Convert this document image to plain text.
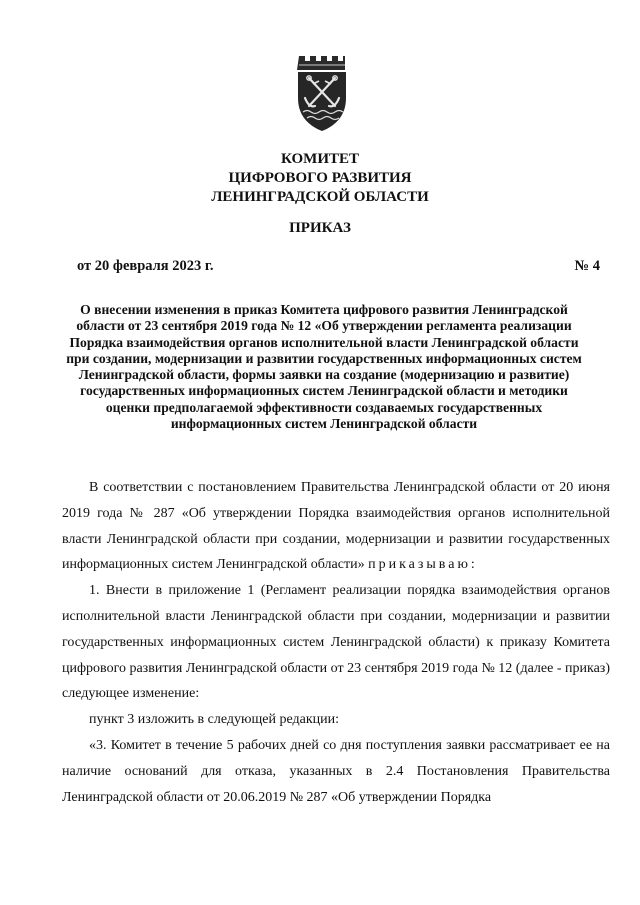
КОМИТЕТ
ЦИФРОВОГО РАЗВИТИЯ
ЛЕНИНГРАДСКОЙ ОБЛАСТИ
ПРИКАЗ
от 20 февраля 2023 г.	№ 4
О внесении изменения в приказ Комитета цифрового развития Ленинградской области от 23 сентября 2019 года № 12 «Об утверждении регламента реализации Порядка взаимодействия органов исполнительной власти Ленинградской области при создании, модернизации и развитии государственных информационных систем Ленинградской области, формы заявки на создание (модернизацию и развитие) государственных информационных систем Ленинградской области и методики оценки предполагаемой эффективности создаваемых государственных информационных систем Ленинградской области

В соответствии с постановлением Правительства Ленинградской области от 20 июня 2019 года № 287 «Об утверждении Порядка взаимодействия органов исполнительной власти Ленинградской области при создании, модернизации и развитии государственных информационных систем Ленинградской области» приказываю:

1. Внести в приложение 1 (Регламент реализации порядка взаимодействия органов исполнительной власти Ленинградской области при создании, модернизации и развитии государственных информационных систем Ленинградской области) к приказу Комитета цифрового развития Ленинградской области от 23 сентября 2019 года № 12 (далее - приказ) следующее изменение:

пункт 3 изложить в следующей редакции:

«3. Комитет в течение 5 рабочих дней со дня поступления заявки рассматривает ее на наличие оснований для отказа, указанных в 2.4 Постановления Правительства Ленинградской области от 20.06.2019 № 287 «Об утверждении Порядка
